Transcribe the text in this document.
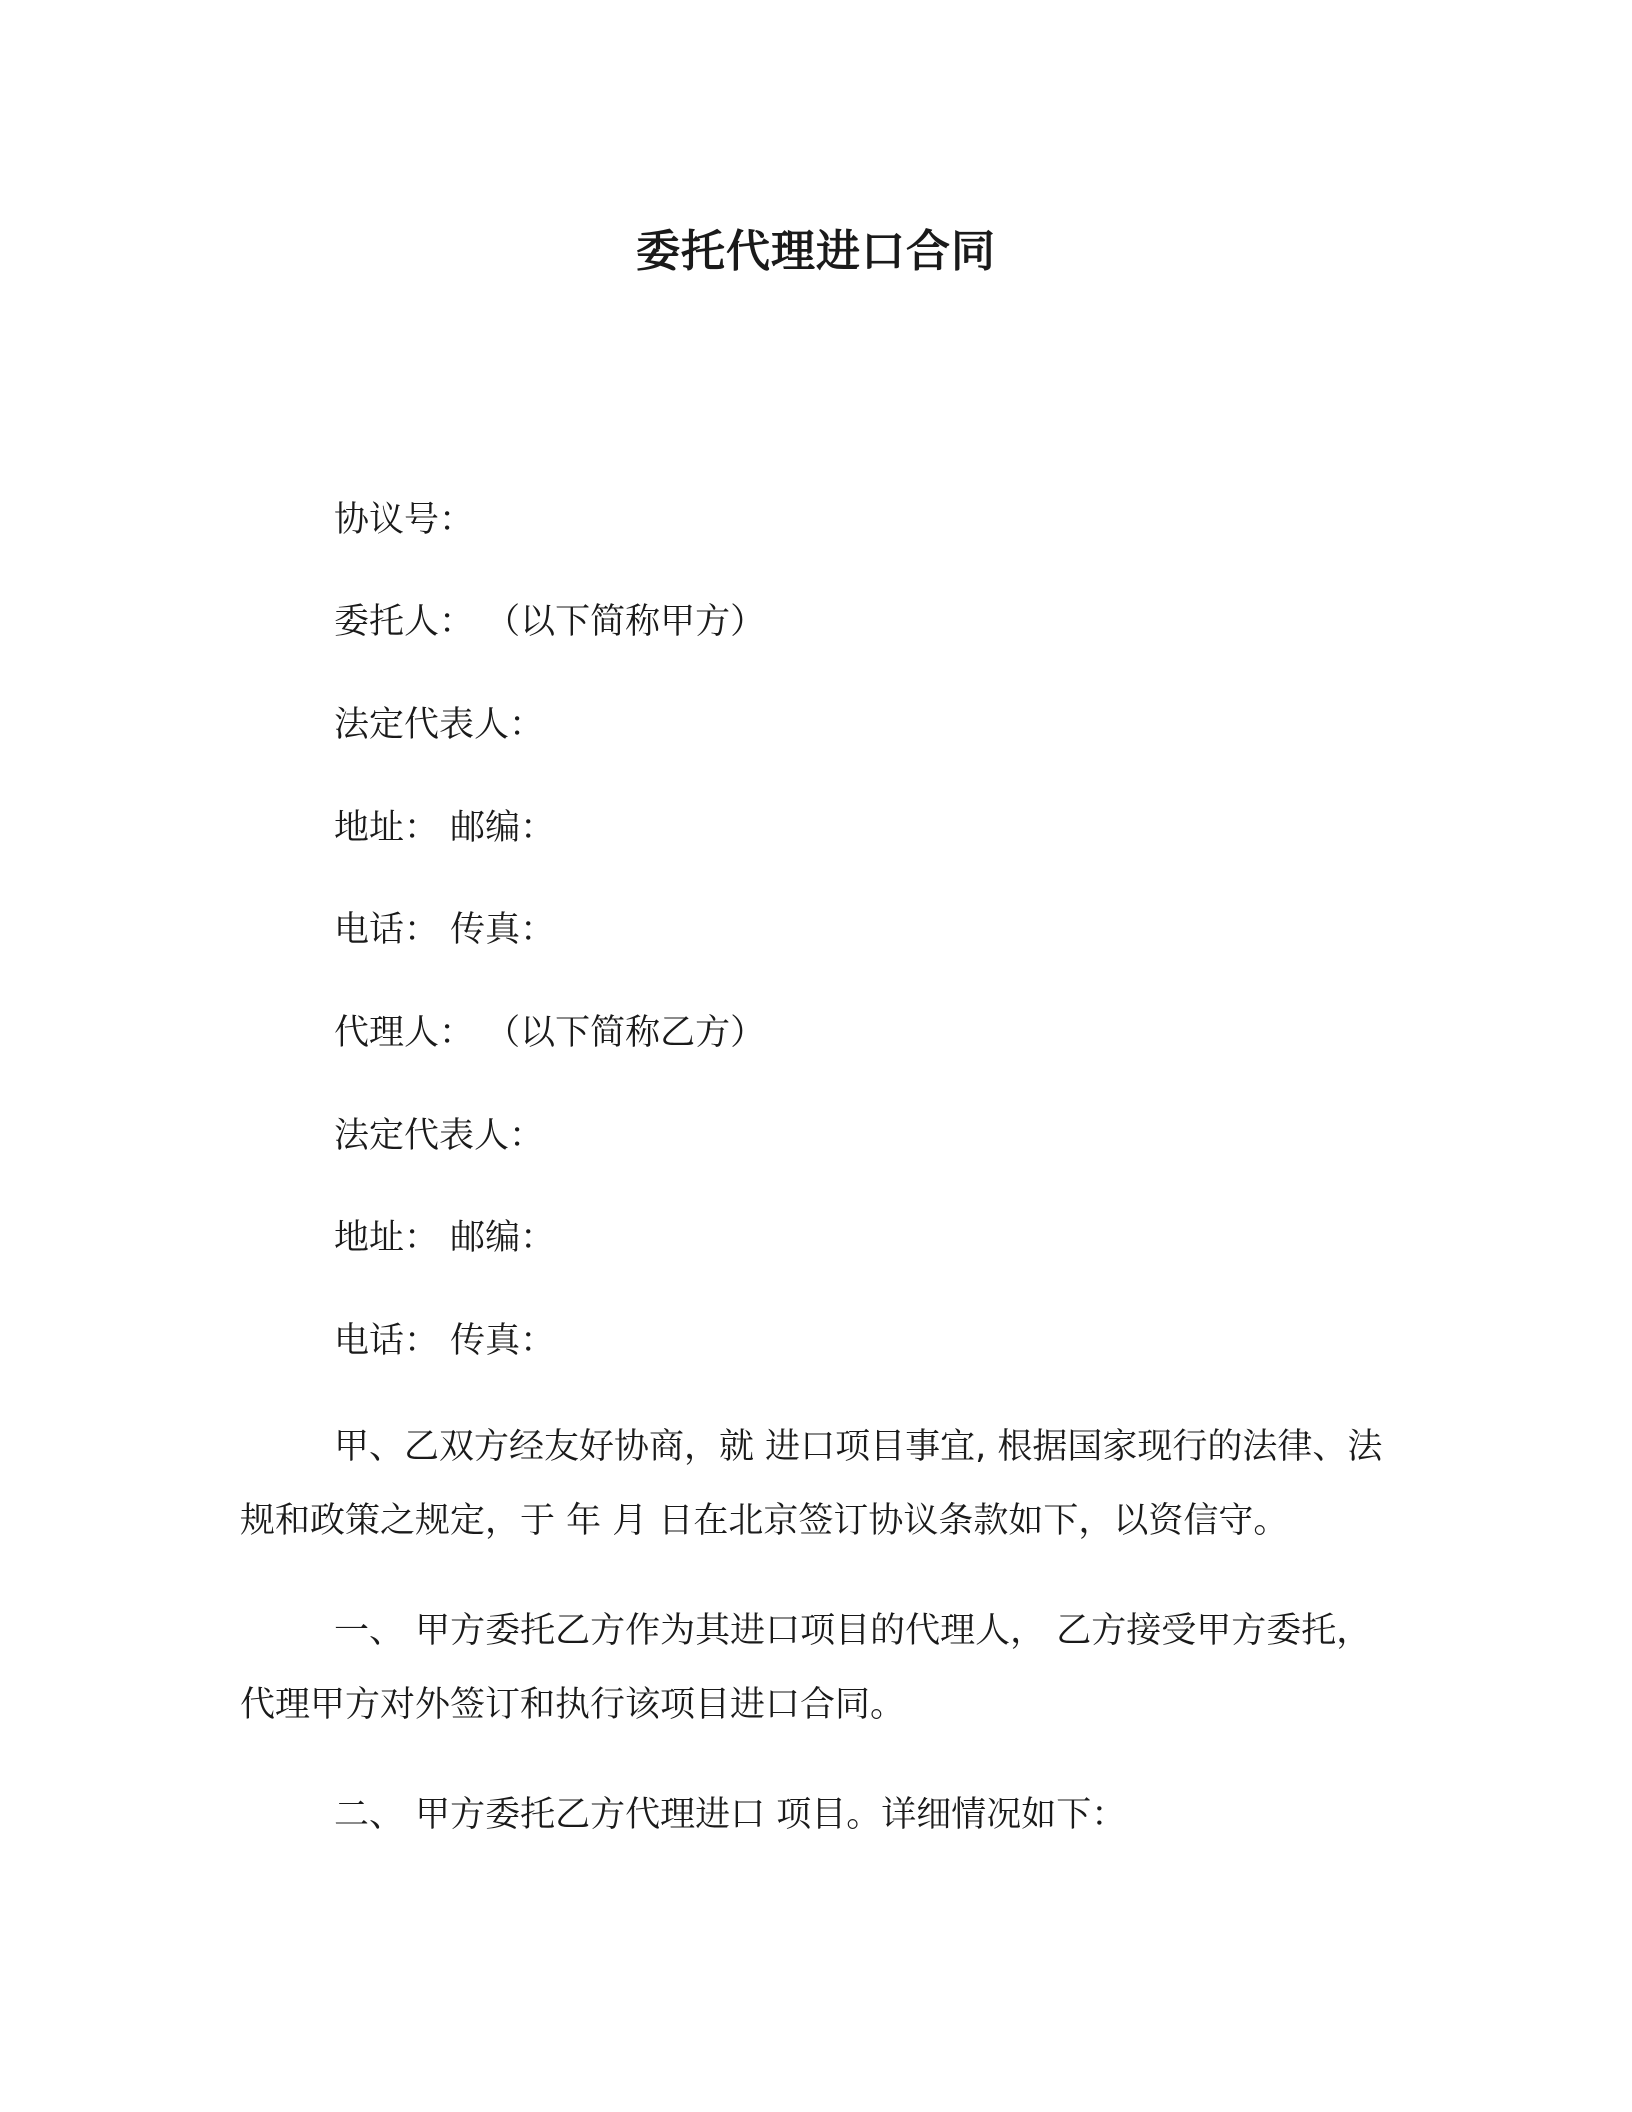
委托代理进口合同
协议号：
委托人： （以下简称甲方）
法定代表人：
地址： 邮编：
电话： 传真：
代理人： （以下简称乙方）
法定代表人：
地址： 邮编：
电话： 传真：

甲、乙双方经友好协商，就 进口项目事宜, 根据国家现行的法律、法规和政策之规定，于 年 月 日在北京签订协议条款如下，以资信守。

一、 甲方委托乙方作为其进口项目的代理人， 乙方接受甲方委托，代理甲方对外签订和执行该项目进口合同。

二、 甲方委托乙方代理进口 项目。详细情况如下：
